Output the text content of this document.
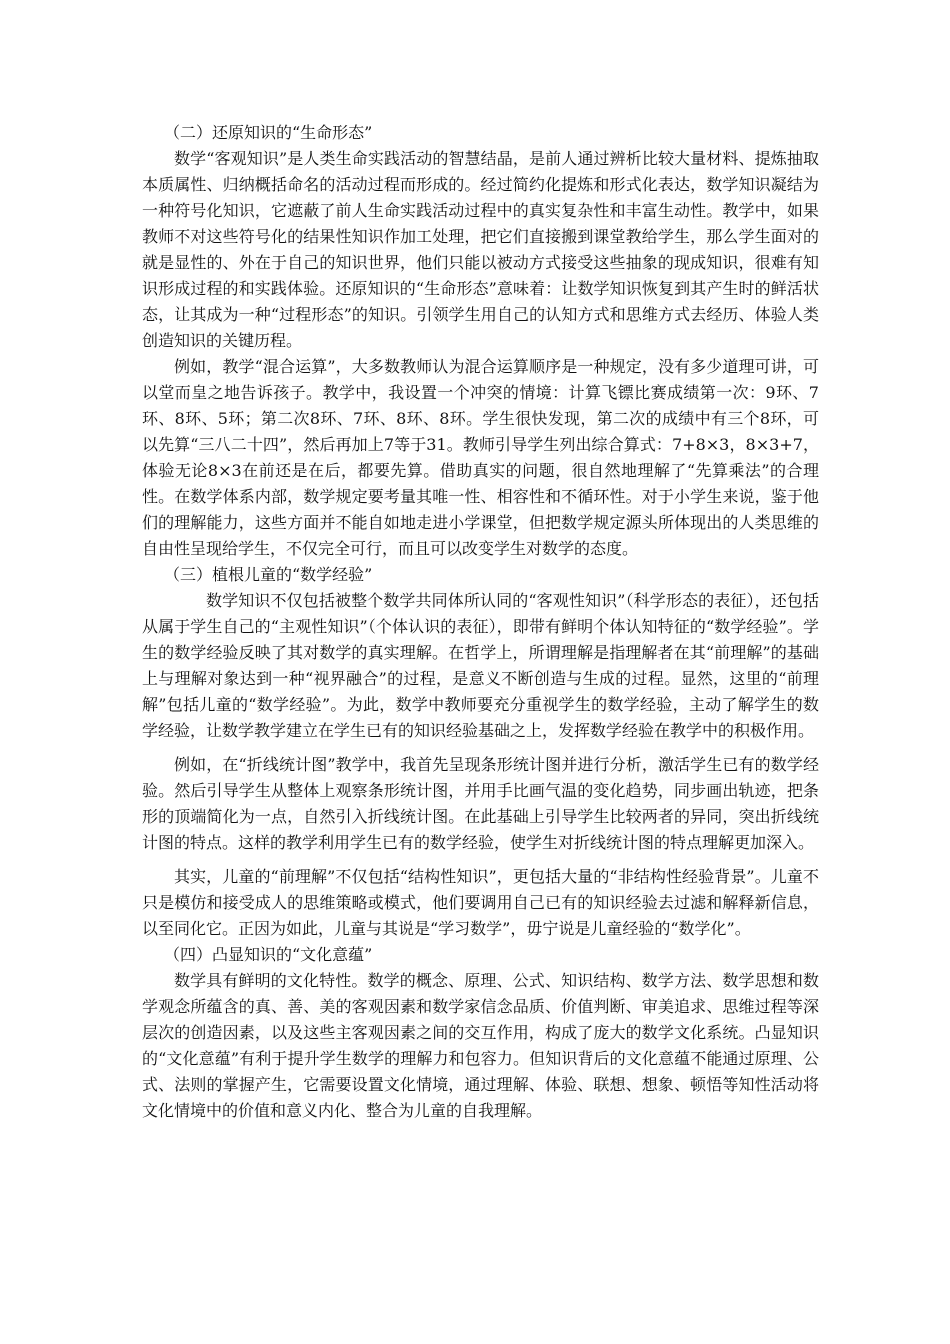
（二）还原知识的“生命形态”

数学“客观知识”是人类生命实践活动的智慧结晶，是前人通过辨析比较大量材料、提炼抽取本质属性、归纳概括命名的活动过程而形成的。经过简约化提炼和形式化表达，数学知识凝结为一种符号化知识，它遮蔽了前人生命实践活动过程中的真实复杂性和丰富生动性。教学中，如果教师不对这些符号化的结果性知识作加工处理，把它们直接搬到课堂教给学生，那么学生面对的就是显性的、外在于自己的知识世界，他们只能以被动方式接受这些抽象的现成知识，很难有知识形成过程的和实践体验。还原知识的“生命形态”意味着：让数学知识恢复到其产生时的鲜活状态，让其成为一种“过程形态”的知识。引领学生用自己的认知方式和思维方式去经历、体验人类创造知识的关键历程。

例如，教学“混合运算”，大多数教师认为混合运算顺序是一种规定，没有多少道理可讲，可以堂而皇之地告诉孩子。教学中，我设置一个冲突的情境：计算飞镖比赛成绩第一次：9环、7环、8环、5环；第二次8环、7环、8环、8环。学生很快发现，第二次的成绩中有三个8环，可以先算“三八二十四”，然后再加上7等于31。教师引导学生列出综合算式：7+8×3，8×3+7，体验无论8×3在前还是在后，都要先算。借助真实的问题，很自然地理解了“先算乘法”的合理性。在数学体系内部，数学规定要考量其唯一性、相容性和不循环性。对于小学生来说，鉴于他们的理解能力，这些方面并不能自如地走进小学课堂，但把数学规定源头所体现出的人类思维的自由性呈现给学生，不仅完全可行，而且可以改变学生对数学的态度。

（三）植根儿童的“数学经验”

数学知识不仅包括被整个数学共同体所认同的“客观性知识”（科学形态的表征），还包括从属于学生自己的“主观性知识”（个体认识的表征），即带有鲜明个体认知特征的“数学经验”。学生的数学经验反映了其对数学的真实理解。在哲学上，所谓理解是指理解者在其“前理解”的基础上与理解对象达到一种“视界融合”的过程，是意义不断创造与生成的过程。显然，这里的“前理解”包括儿童的“数学经验”。为此，数学中教师要充分重视学生的数学经验，主动了解学生的数学经验，让数学教学建立在学生已有的知识经验基础之上，发挥数学经验在教学中的积极作用。

例如，在“折线统计图”教学中，我首先呈现条形统计图并进行分析，激活学生已有的数学经验。然后引导学生从整体上观察条形统计图，并用手比画气温的变化趋势，同步画出轨迹，把条形的顶端简化为一点，自然引入折线统计图。在此基础上引导学生比较两者的异同，突出折线统计图的特点。这样的教学利用学生已有的数学经验，使学生对折线统计图的特点理解更加深入。

其实，儿童的“前理解”不仅包括“结构性知识”，更包括大量的“非结构性经验背景”。儿童不只是模仿和接受成人的思维策略或模式，他们要调用自己已有的知识经验去过滤和解释新信息，以至同化它。正因为如此，儿童与其说是“学习数学”，毋宁说是儿童经验的“数学化”。

（四）凸显知识的“文化意蕴”

数学具有鲜明的文化特性。数学的概念、原理、公式、知识结构、数学方法、数学思想和数学观念所蕴含的真、善、美的客观因素和数学家信念品质、价值判断、审美追求、思维过程等深层次的创造因素，以及这些主客观因素之间的交互作用，构成了庞大的数学文化系统。凸显知识的“文化意蕴”有利于提升学生数学的理解力和包容力。但知识背后的文化意蕴不能通过原理、公式、法则的掌握产生，它需要设置文化情境，通过理解、体验、联想、想象、顿悟等知性活动将文化情境中的价值和意义内化、整合为儿童的自我理解。
